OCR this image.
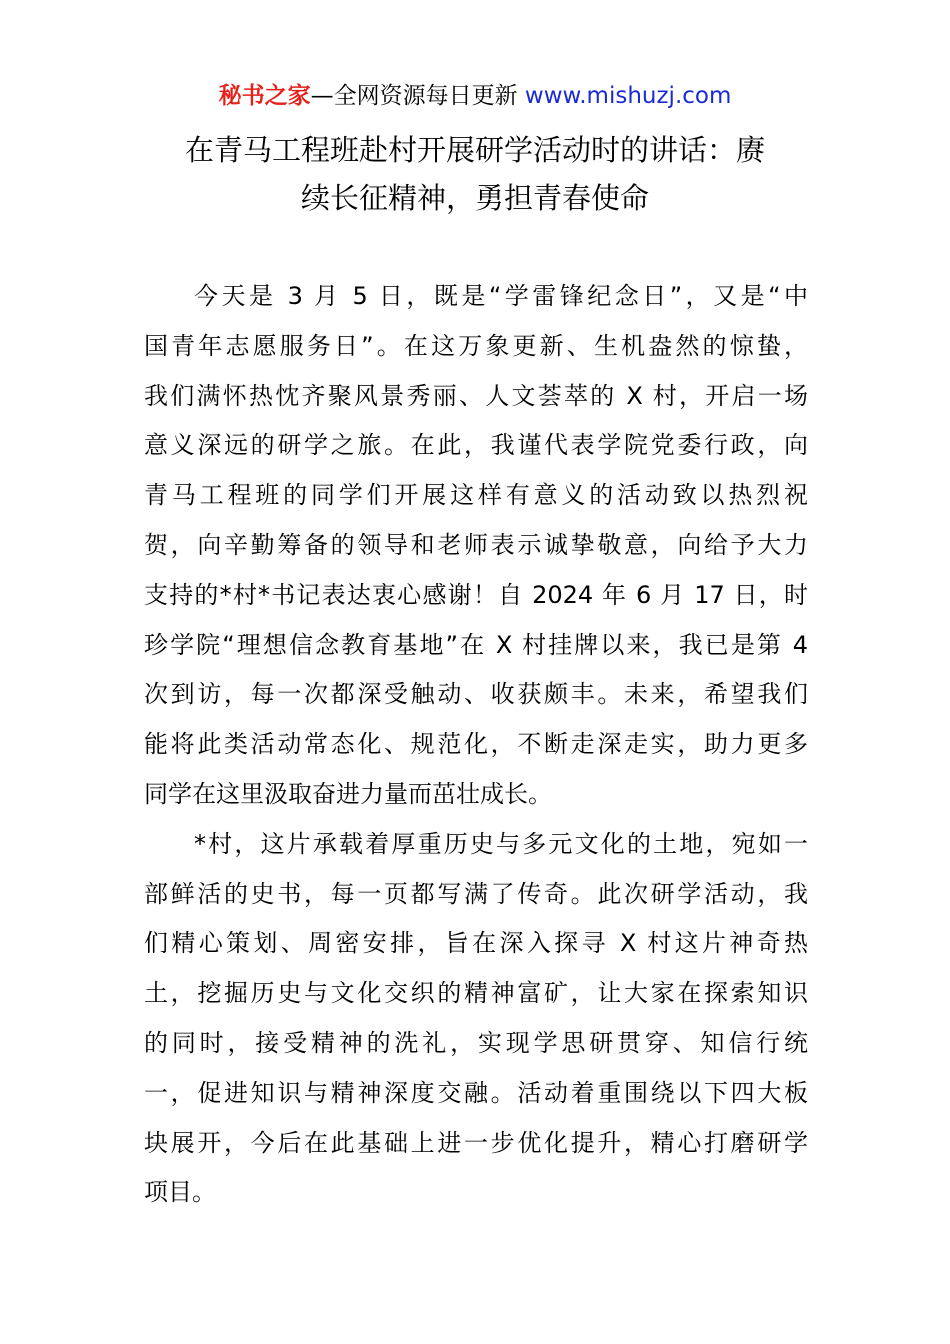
秘书之家—全网资源每日更新 www.mishuzj.com
在青马工程班赴村开展研学活动时的讲话：赓
续长征精神，勇担青春使命
今天是 3 月 5 日，既是“学雷锋纪念日”，又是“中
国青年志愿服务日”。在这万象更新、生机盎然的惊蛰，
我们满怀热忱齐聚风景秀丽、人文荟萃的 X 村，开启一场
意义深远的研学之旅。在此，我谨代表学院党委行政，向
青马工程班的同学们开展这样有意义的活动致以热烈祝
贺，向辛勤筹备的领导和老师表示诚挚敬意，向给予大力
支持的*村*书记表达衷心感谢！自 2024 年 6 月 17 日，时
珍学院“理想信念教育基地”在 X 村挂牌以来，我已是第 4
次到访，每一次都深受触动、收获颇丰。未来，希望我们
能将此类活动常态化、规范化，不断走深走实，助力更多
同学在这里汲取奋进力量而茁壮成长。
*村，这片承载着厚重历史与多元文化的土地，宛如一
部鲜活的史书，每一页都写满了传奇。此次研学活动，我
们精心策划、周密安排，旨在深入探寻 X 村这片神奇热
土，挖掘历史与文化交织的精神富矿，让大家在探索知识
的同时，接受精神的洗礼，实现学思研贯穿、知信行统
一，促进知识与精神深度交融。活动着重围绕以下四大板
块展开，今后在此基础上进一步优化提升，精心打磨研学
项目。
